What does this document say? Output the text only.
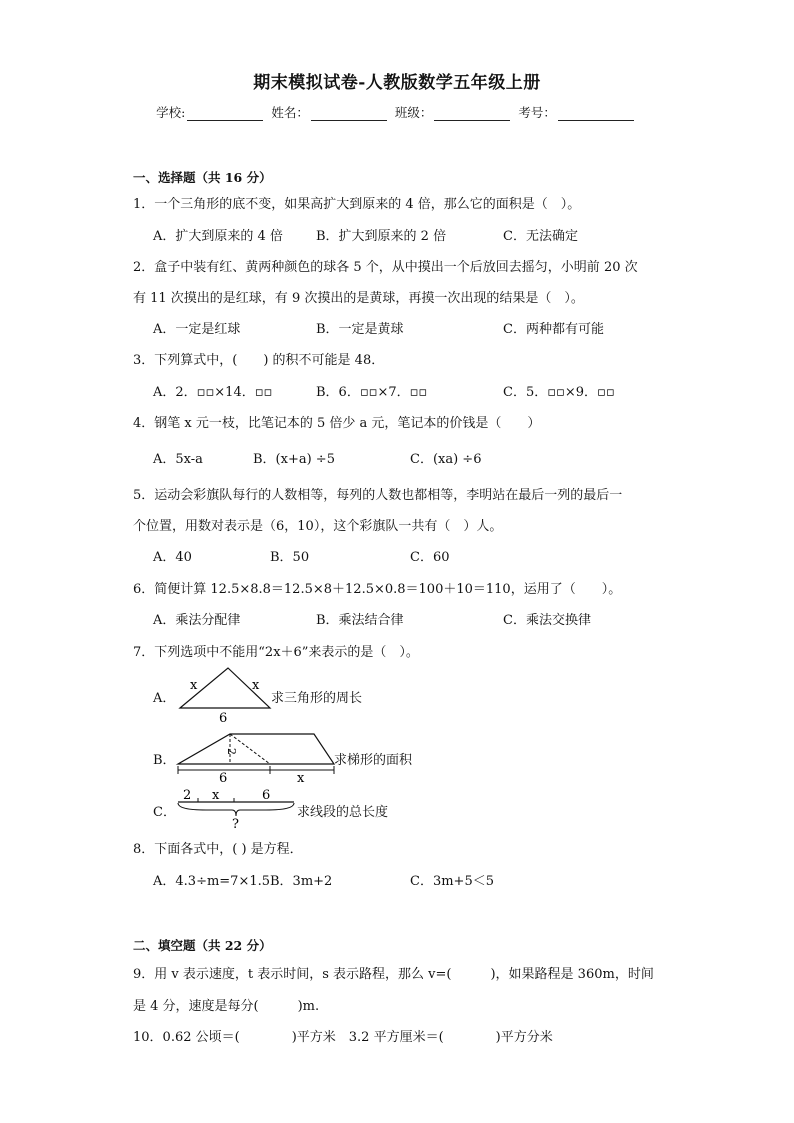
期末模拟试卷-人教版数学五年级上册
学校:	姓名：	班级：	考号：
一、选择题（共 16 分）
1．一个三角形的底不变，如果高扩大到原来的 4 倍，那么它的面积是（　）。
A．扩大到原来的 4 倍	B．扩大到原来的 2 倍	C．无法确定
2．盒子中装有红、黄两种颜色的球各 5 个，从中摸出一个后放回去摇匀，小明前 20 次
有 11 次摸出的是红球，有 9 次摸出的是黄球，再摸一次出现的结果是（　）。
A．一定是红球	B．一定是黄球	C．两种都有可能
3．下列算式中，(　　) 的积不可能是 48．
A．2．▫▫×14．▫▫	B．6．▫▫×7．▫▫	C．5．▫▫×9．▫▫
4．钢笔 x 元一枝，比笔记本的 5 倍少 a 元，笔记本的价钱是（　　）
A．5x-a	B．(x+a) ÷5	C．(xa) ÷6
5．运动会彩旗队每行的人数相等，每列的人数也都相等，李明站在最后一列的最后一
个位置，用数对表示是（6，10），这个彩旗队一共有（　）人。
A．40	B．50	C．60
6．简便计算 12.5×8.8＝12.5×8＋12.5×0.8＝100＋10＝110，运用了（　　）。
A．乘法分配律	B．乘法结合律	C．乘法交换律
7．下列选项中不能用“2x＋6”来表示的是（　）。
A．
x	x
6
求三角形的周长
B．
2
6	x
求梯形的面积
C．
2 x	6
?
求线段的总长度
8．下面各式中，( ) 是方程．
A．4.3÷m=7×1.5 B．3m+2	C．3m+5＜5
二、填空题（共 22 分）
9．用 v 表示速度，t 表示时间，s 表示路程，那么 v=(　　　)，如果路程是 360m，时间
是 4 分，速度是每分(　　　)m.
10．0.62 公顷＝(　　　　)平方米　3.2 平方厘米＝(　　　　)平方分米
